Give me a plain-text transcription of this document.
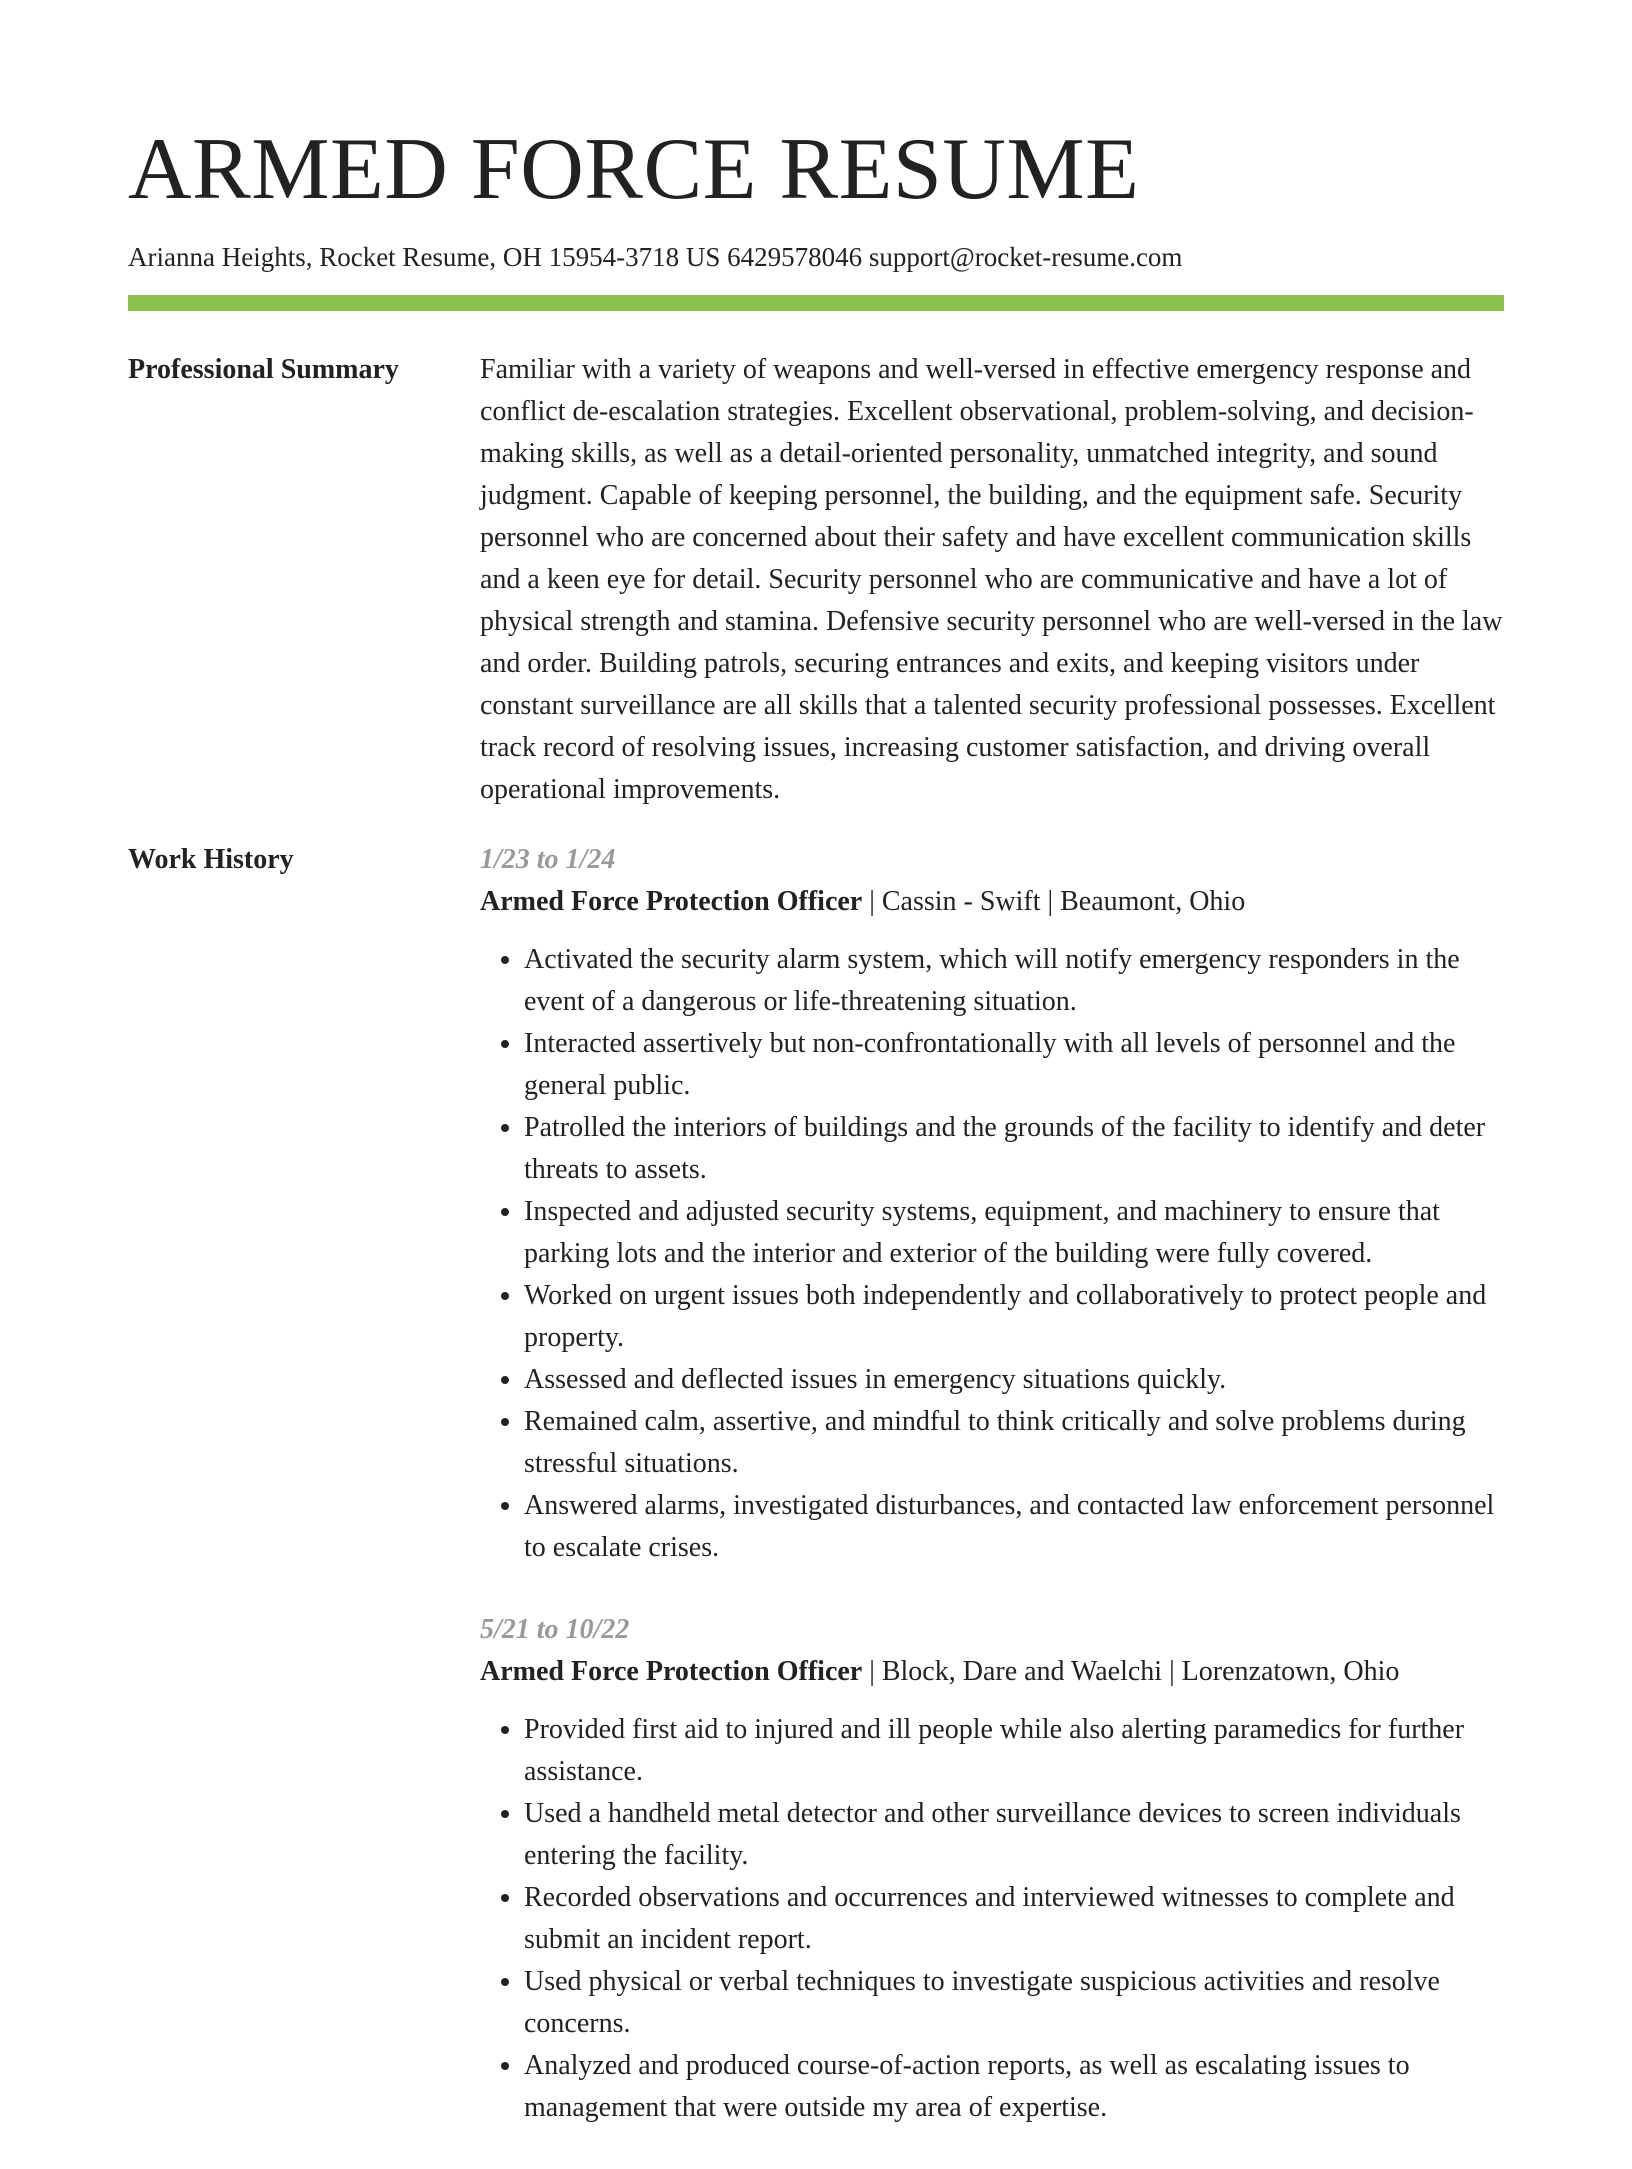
ARMED FORCE RESUME
Arianna Heights, Rocket Resume, OH 15954-3718 US 6429578046 support@rocket-resume.com
Professional Summary	Familiar with a variety of weapons and well-versed in effective emergency response and conflict de-escalation strategies. Excellent observational, problem-solving, and decision-making skills, as well as a detail-oriented personality, unmatched integrity, and sound judgment. Capable of keeping personnel, the building, and the equipment safe. Security personnel who are concerned about their safety and have excellent communication skills and a keen eye for detail. Security personnel who are communicative and have a lot of physical strength and stamina. Defensive security personnel who are well-versed in the law and order. Building patrols, securing entrances and exits, and keeping visitors under constant surveillance are all skills that a talented security professional possesses. Excellent track record of resolving issues, increasing customer satisfaction, and driving overall operational improvements.

Work History	1/23 to 1/24
Armed Force Protection Officer | Cassin - Swift | Beaumont, Ohio
• Activated the security alarm system, which will notify emergency responders in the event of a dangerous or life-threatening situation.
• Interacted assertively but non-confrontationally with all levels of personnel and the general public.
• Patrolled the interiors of buildings and the grounds of the facility to identify and deter threats to assets.
• Inspected and adjusted security systems, equipment, and machinery to ensure that parking lots and the interior and exterior of the building were fully covered.
• Worked on urgent issues both independently and collaboratively to protect people and property.
• Assessed and deflected issues in emergency situations quickly.
• Remained calm, assertive, and mindful to think critically and solve problems during stressful situations.
• Answered alarms, investigated disturbances, and contacted law enforcement personnel to escalate crises.
5/21 to 10/22
Armed Force Protection Officer | Block, Dare and Waelchi | Lorenzatown, Ohio
• Provided first aid to injured and ill people while also alerting paramedics for further assistance.
• Used a handheld metal detector and other surveillance devices to screen individuals entering the facility.
• Recorded observations and occurrences and interviewed witnesses to complete and submit an incident report.
• Used physical or verbal techniques to investigate suspicious activities and resolve concerns.
• Analyzed and produced course-of-action reports, as well as escalating issues to management that were outside my area of expertise.
